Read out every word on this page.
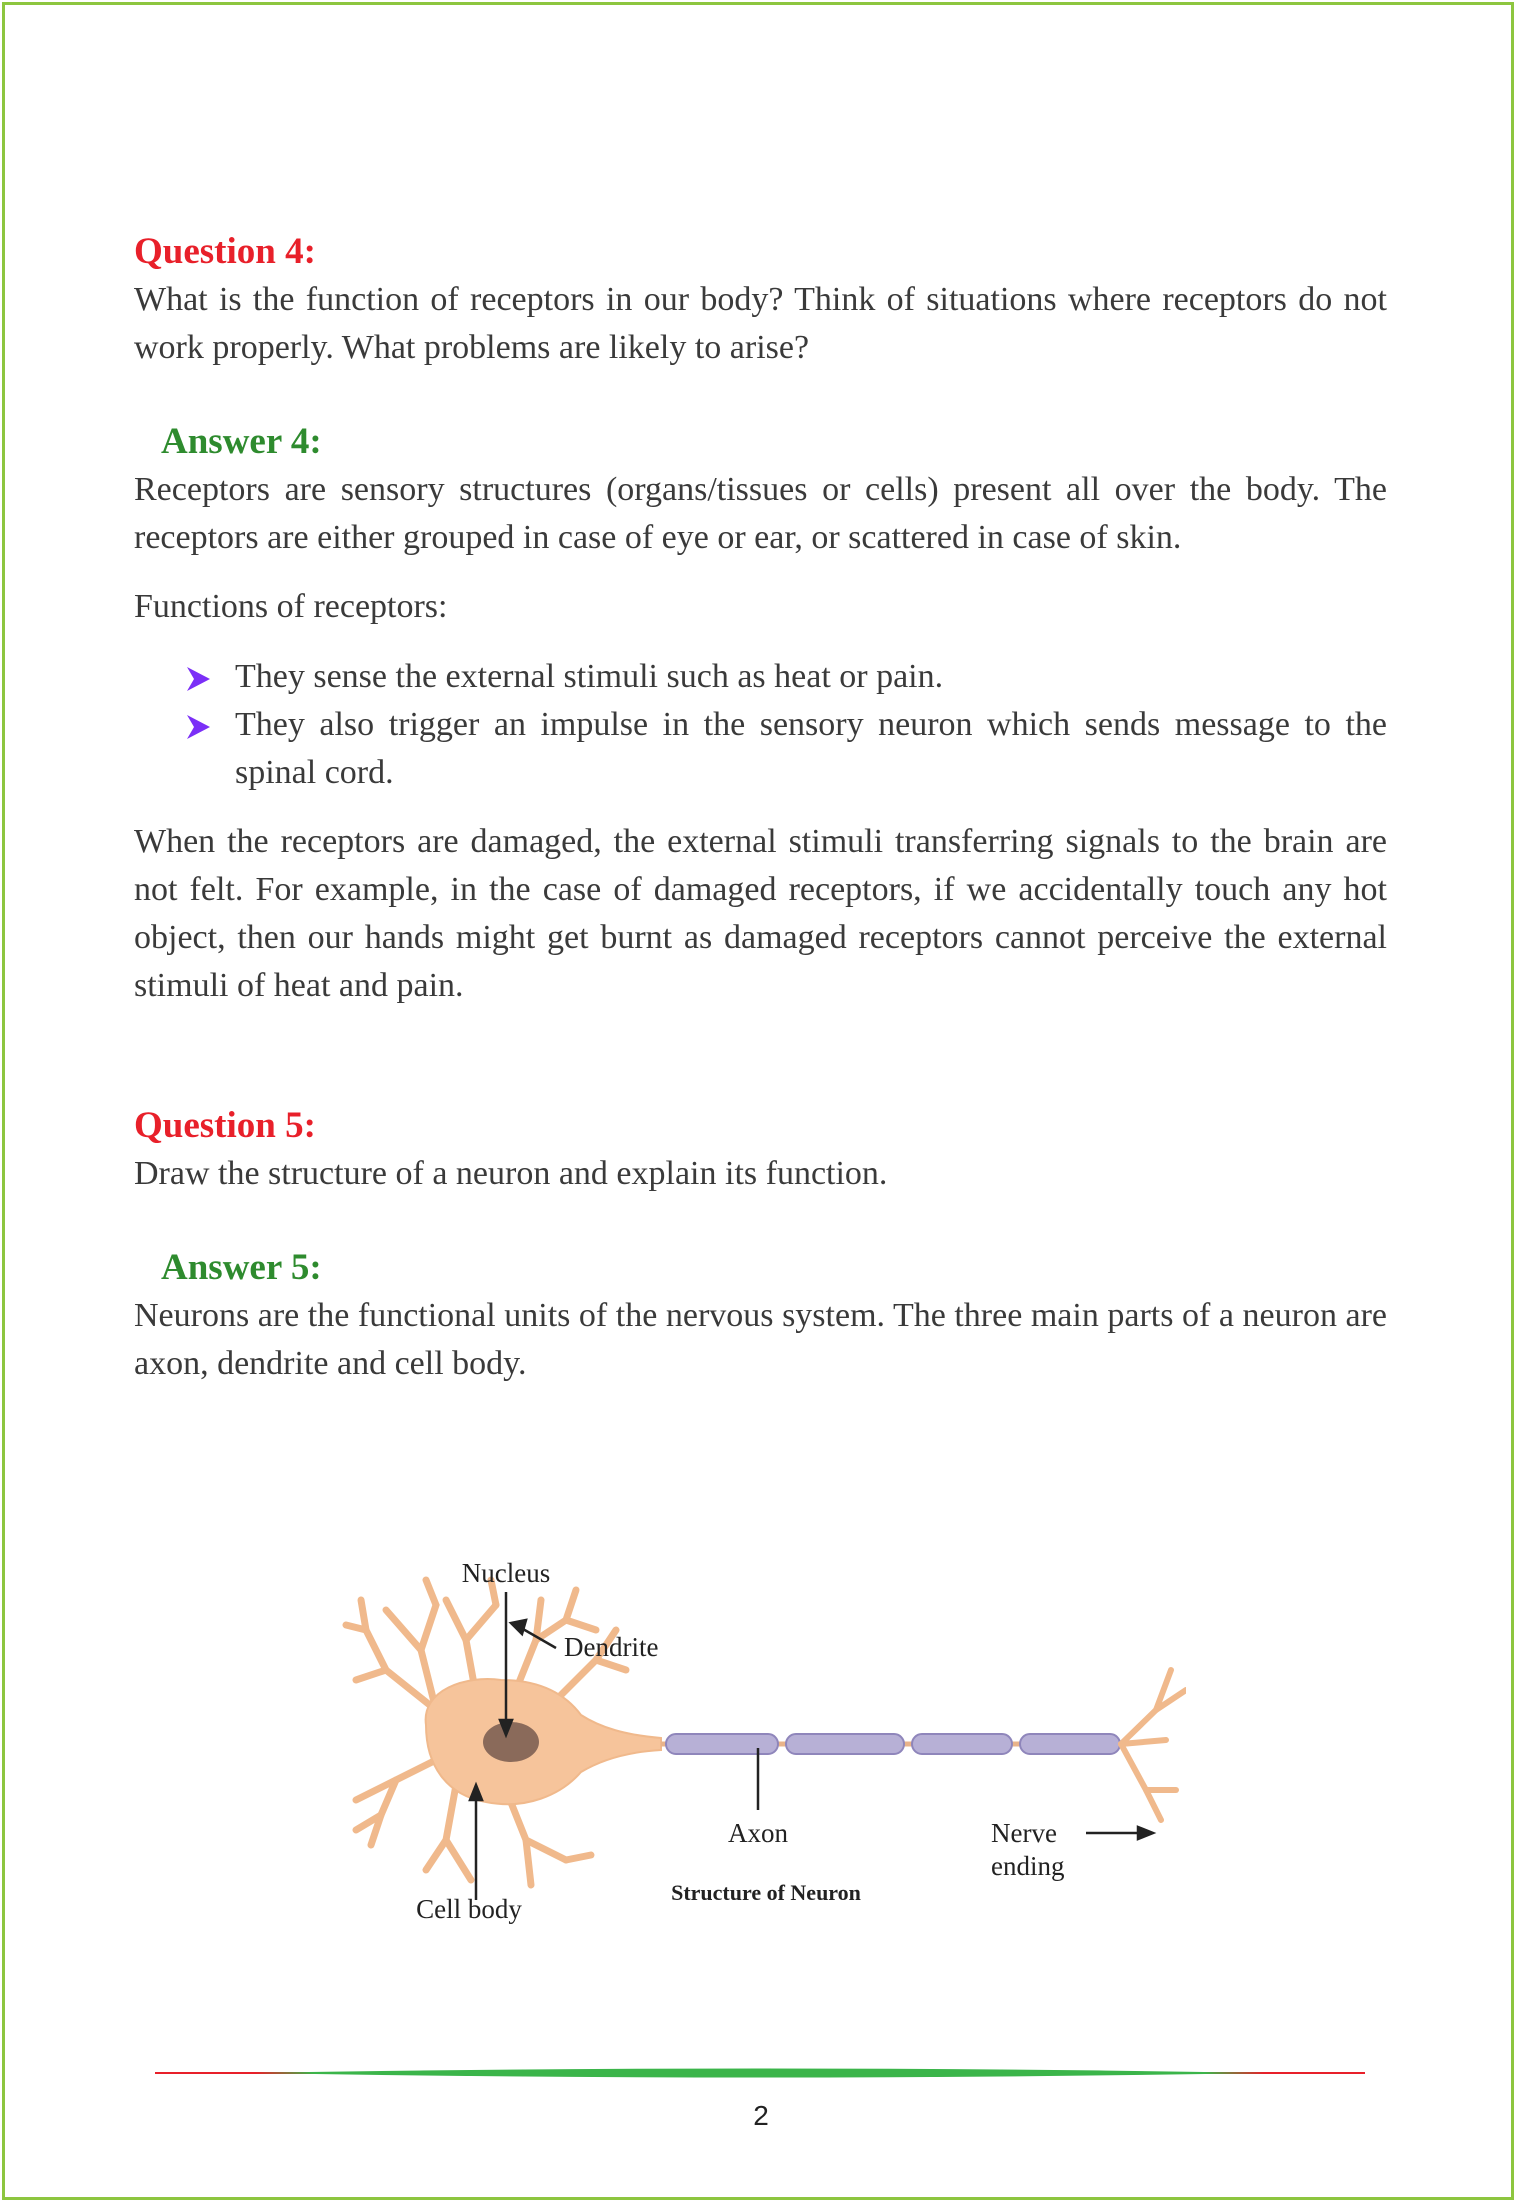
Question 4:
What is the function of receptors in our body? Think of situations where receptors do not work properly. What problems are likely to arise?
Answer 4:
Receptors are sensory structures (organs/tissues or cells) present all over the body. The receptors are either grouped in case of eye or ear, or scattered in case of skin.
Functions of receptors:
They sense the external stimuli such as heat or pain.
They also trigger an impulse in the sensory neuron which sends message to the spinal cord.
When the receptors are damaged, the external stimuli transferring signals to the brain are not felt. For example, in the case of damaged receptors, if we accidentally touch any hot object, then our hands might get burnt as damaged receptors cannot perceive the external stimuli of heat and pain.
Question 5:
Draw the structure of a neuron and explain its function.
Answer 5:
Neurons are the functional units of the nervous system. The three main parts of a neuron are axon, dendrite and cell body.
Nucleus
Dendrite
Axon	Nerve
ending
Cell body
Structure of Neuron
2
